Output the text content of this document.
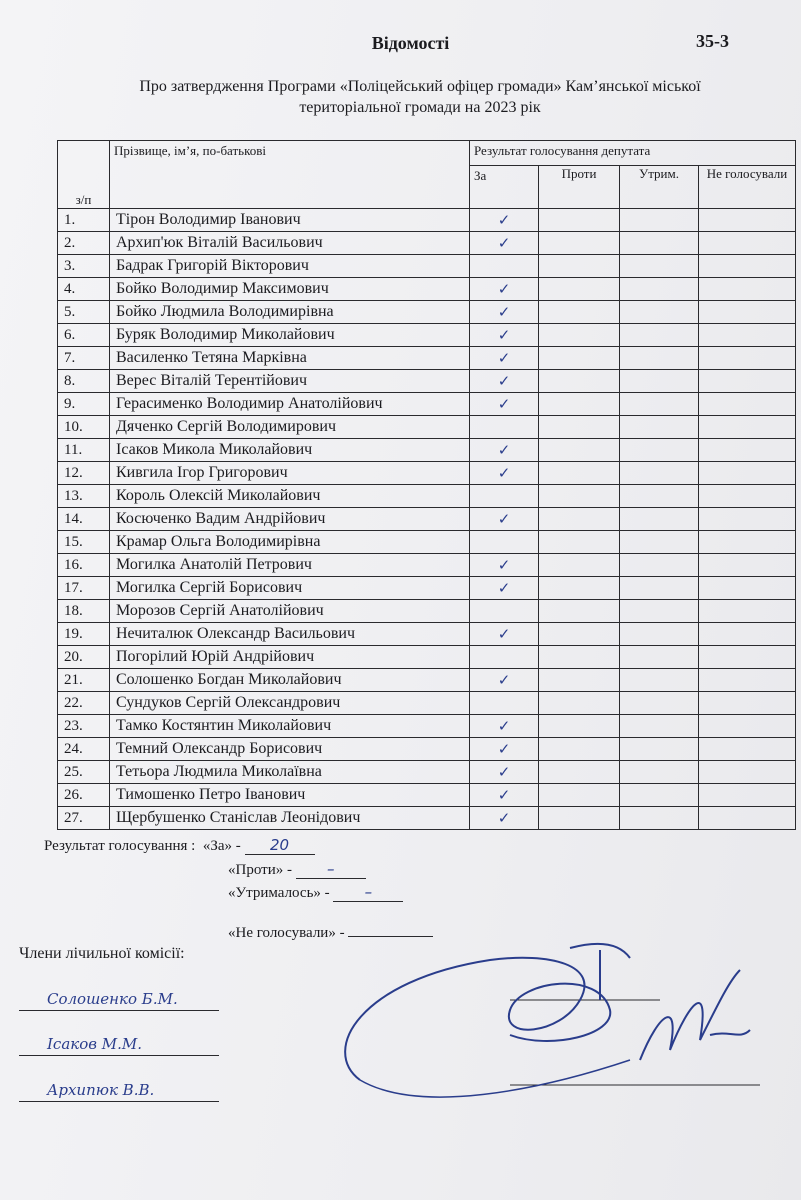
Відомості	35-3
Про затвердження Програми «Поліцейський офіцер громади» Кам’янської міської
територіальної громади на 2023 рік
з/п	Прізвище, ім’я, по-батькові	Результат голосування депутата			
		За	Проти	Утрим.	Не голосували
1.	Тірон Володимир Іванович	✓			
2.	Архип'юк Віталій Васильович	✓			
3.	Бадрак Григорій Вікторович				
4.	Бойко Володимир Максимович	✓			
5.	Бойко Людмила Володимирівна	✓			
6.	Буряк Володимир Миколайович	✓			
7.	Василенко Тетяна Марківна	✓			
8.	Верес Віталій Терентійович	✓			
9.	Герасименко Володимир Анатолійович	✓			
10.	Дяченко Сергій Володимирович				
11.	Ісаков Микола Миколайович	✓			
12.	Кивгила Ігор Григорович	✓			
13.	Король Олексій Миколайович				
14.	Косюченко Вадим Андрійович	✓			
15.	Крамар Ольга Володимирівна				
16.	Могилка Анатолій Петрович	✓			
17.	Могилка Сергій Борисович	✓			
18.	Морозов Сергій Анатолійович				
19.	Нечиталюк Олександр Васильович	✓			
20.	Погорілий Юрій Андрійович				
21.	Солошенко Богдан Миколайович	✓			
22.	Сундуков Сергій Олександрович				
23.	Тамко Костянтин Миколайович	✓			
24.	Темний Олександр Борисович	✓			
25.	Тетьора Людмила Миколаївна	✓			
26.	Тимошенко Петро Іванович	✓			
27.	Щербушенко Станіслав Леонідович	✓			
Результат голосування : «За» - 20
«Проти» - –
«Утрималось» - –
«Не голосували» -
Члени лічильної комісії:
Солошенко Б.М.
Ісаков М.М.
Архипюк В.В.
